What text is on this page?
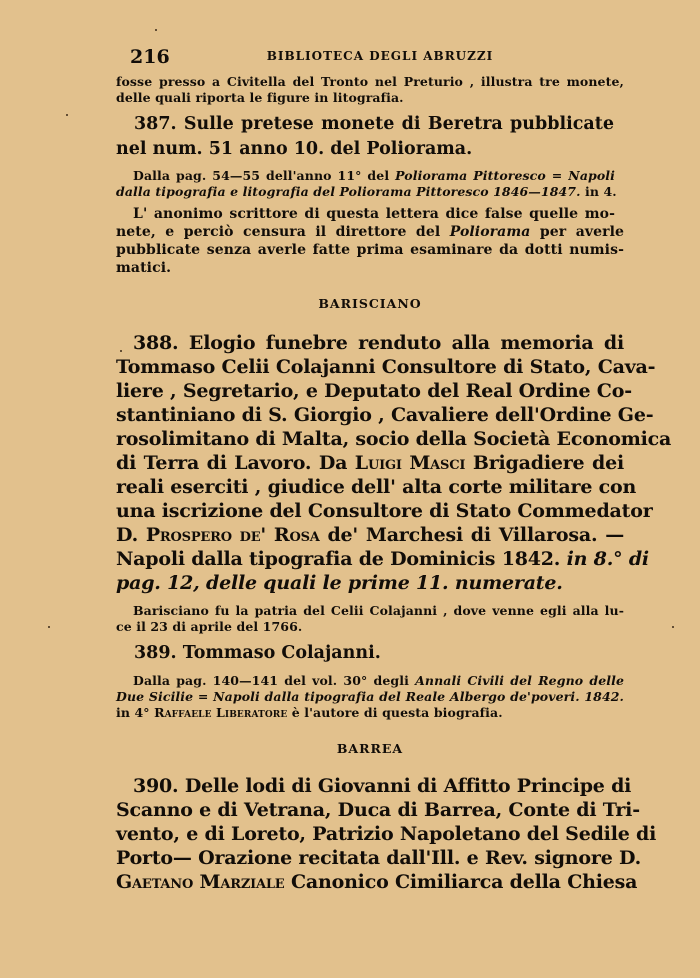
216	BIBLIOTECA DEGLI ABRUZZI
fosse presso a Civitella del Tronto nel Preturio , illustra tre monete,
delle quali riporta le figure in litografia.
387. Sulle pretese monete di Beretra pubblicate
nel num. 51 anno 10. del Poliorama.
Dalla pag. 54—55 dell'anno 11° del Poliorama Pittoresco = Napoli
dalla tipografia e litografia del Poliorama Pittoresco 1846—1847. in 4.
L' anonimo scrittore di questa lettera dice false quelle mo-
nete, e perciò censura il direttore del Poliorama per averle
pubblicate senza averle fatte prima esaminare da dotti numis-
matici.
BARISCIANO
388. Elogio funebre renduto alla memoria di
Tommaso Celii Colajanni Consultore di Stato, Cava-
liere , Segretario, e Deputato del Real Ordine Co-
stantiniano di S. Giorgio , Cavaliere dell'Ordine Ge-
rosolimitano di Malta, socio della Società Economica
di Terra di Lavoro. Da Luigi Masci Brigadiere dei
reali eserciti , giudice dell' alta corte militare con
una iscrizione del Consultore di Stato Commedator
D. Prospero de' Rosa de' Marchesi di Villarosa. —
Napoli dalla tipografia de Dominicis 1842. in 8.° di
pag. 12, delle quali le prime 11. numerate.
Barisciano fu la patria del Celii Colajanni , dove venne egli alla lu-
ce il 23 di aprile del 1766.
389. Tommaso Colajanni.
Dalla pag. 140—141 del vol. 30° degli Annali Civili del Regno delle
Due Sicilie = Napoli dalla tipografia del Reale Albergo de'poveri. 1842.
in 4° Raffaele Liberatore è l'autore di questa biografia.
BARREA
390. Delle lodi di Giovanni di Affitto Principe di
Scanno e di Vetrana, Duca di Barrea, Conte di Tri-
vento, e di Loreto, Patrizio Napoletano del Sedile di
Porto— Orazione recitata dall'Ill. e Rev. signore D.
Gaetano Marziale Canonico Cimiliarca della Chiesa
